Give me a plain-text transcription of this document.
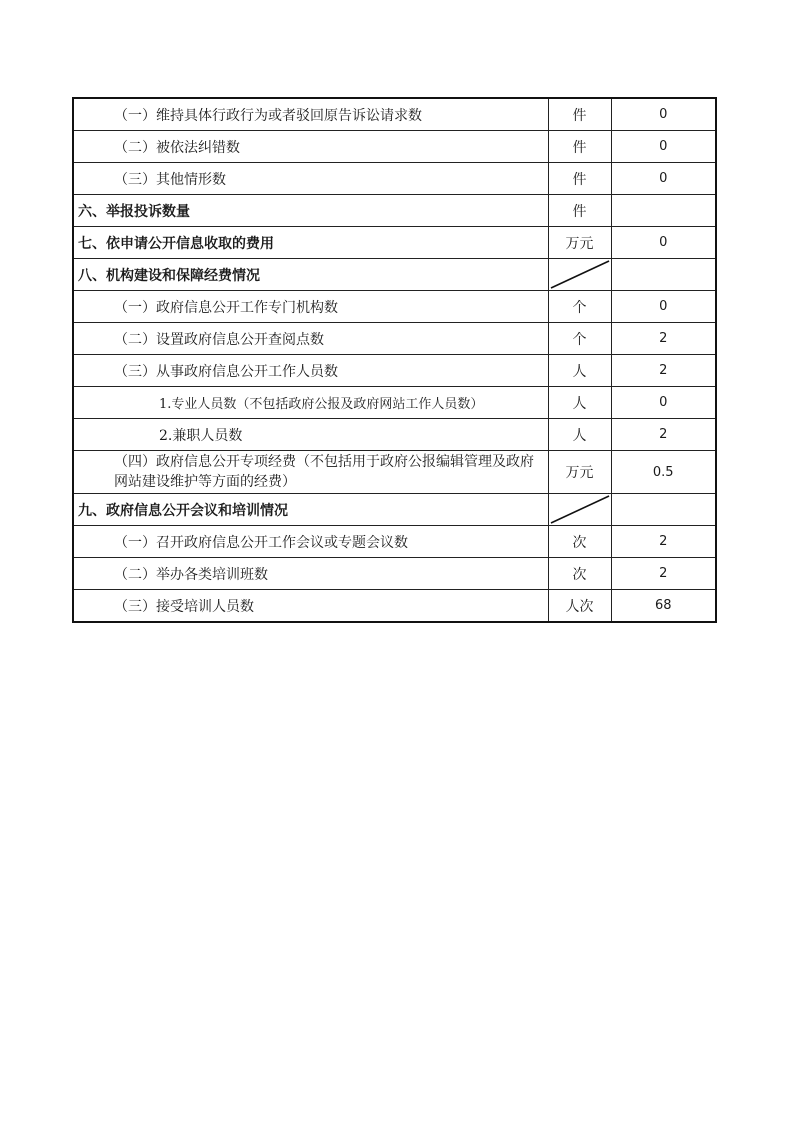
（一）维持具体行政行为或者驳回原告诉讼请求数	件	0
（二）被依法纠错数	件	0
（三）其他情形数	件	0
六、举报投诉数量	件	
七、依申请公开信息收取的费用	万元	0
八、机构建设和保障经费情况	

（一）政府信息公开工作专门机构数	个	0
（二）设置政府信息公开查阅点数	个	2
（三）从事政府信息公开工作人员数	人	2
1.专业人员数（不包括政府公报及政府网站工作人员数）	人	0
2.兼职人员数	人	2
（四）政府信息公开专项经费（不包括用于政府公报编辑管理及政府网站建设维护等方面的经费）	万元	0.5
九、政府信息公开会议和培训情况	

（一）召开政府信息公开工作会议或专题会议数	次	2
（二）举办各类培训班数	次	2
（三）接受培训人员数	人次	68
